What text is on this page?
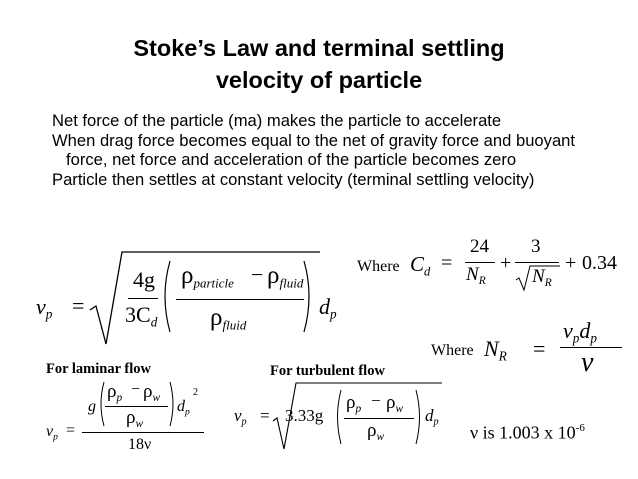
Stoke’s Law and terminal settling
velocity of particle
Net force of the particle (ma) makes the particle to accelerate
When drag force becomes equal to the net of gravity force and buoyant force, net force and acceleration of the particle becomes zero
Particle then settles at constant velocity (terminal settling velocity)
$v_p$ =
4g
$3C_d$
$\rho_{particle} - \rho_{fluid}$
$\rho_{fluid}$
$d_p$
Where $C_d$ =
24
$N_R$
+
3
$N_R$
+ 0.34
Where $N_R$ =
$v_pd_p$
ν
For laminar flow
$v_p$ =
g
$\rho_p - \rho_w$
$\rho_w$
$d_p$
2
18ν
For turbulent flow
$v_p = 3.33g$
$\rho_p - \rho_w$
$\rho_w$
$d_p$
ν is 1.003 x $10^{-6}$
